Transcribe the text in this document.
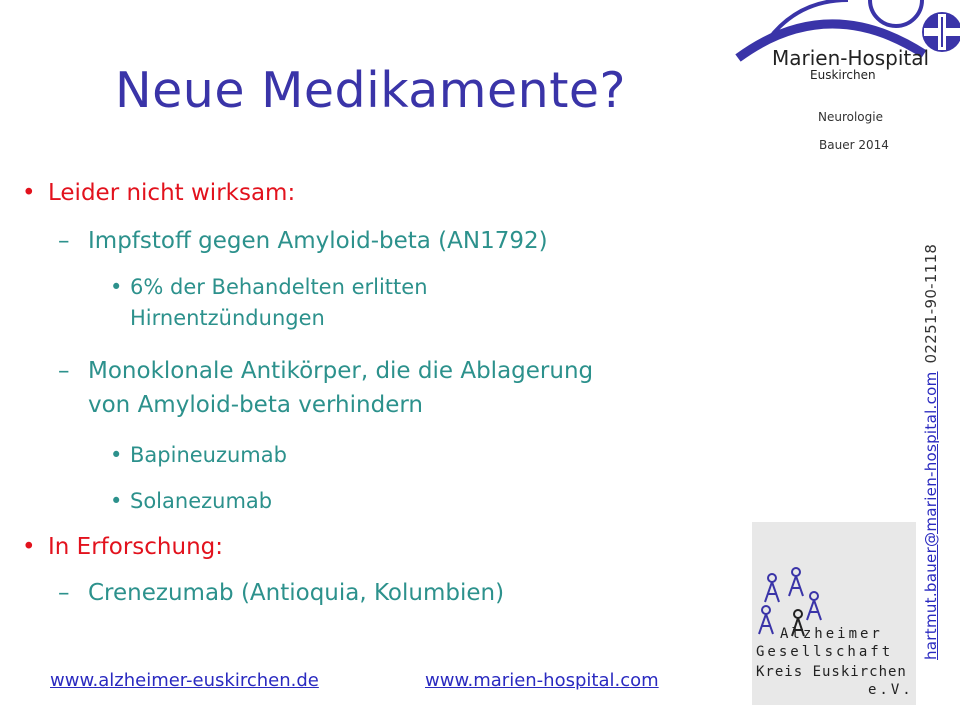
Marien-Hospital
Euskirchen
Neurologie
Bauer 2014
Neue Medikamente?
• Leider nicht wirksam:
– Impfstoff gegen Amyloid-beta (AN1792)
• 6% der Behandelten erlitten
Hirnentzündungen
– Monoklonale Antikörper, die die Ablagerung
von Amyloid-beta verhindern
• Bapineuzumab
• Solanezumab
• In Erforschung:
– Crenezumab (Antioquia, Kolumbien)
www.alzheimer-euskirchen.de	www.marien-hospital.com
hartmut.bauer@marien-hospital.com02251-90-1118
Alzheimer
Gesellschaft
Kreis Euskirchen
e.V.
